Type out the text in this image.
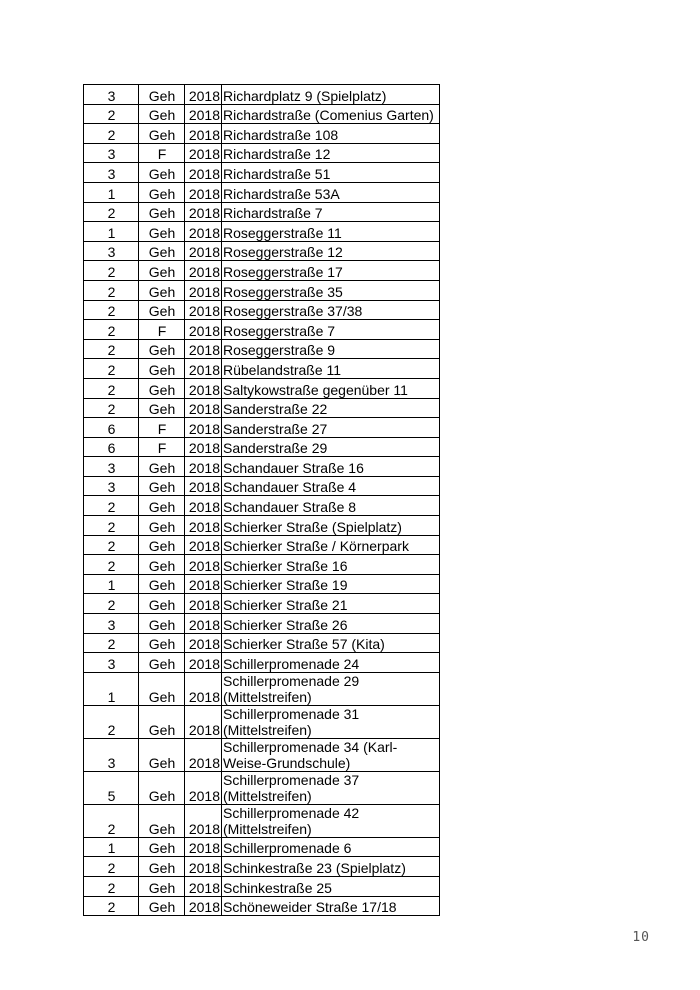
3	Geh	2018	Richardplatz 9 (Spielplatz)
2	Geh	2018	Richardstraße (Comenius Garten)
2	Geh	2018	Richardstraße 108
3	F	2018	Richardstraße 12
3	Geh	2018	Richardstraße 51
1	Geh	2018	Richardstraße 53A
2	Geh	2018	Richardstraße 7
1	Geh	2018	Roseggerstraße 11
3	Geh	2018	Roseggerstraße 12
2	Geh	2018	Roseggerstraße 17
2	Geh	2018	Roseggerstraße 35
2	Geh	2018	Roseggerstraße 37/38
2	F	2018	Roseggerstraße 7
2	Geh	2018	Roseggerstraße 9
2	Geh	2018	Rübelandstraße 11
2	Geh	2018	Saltykowstraße gegenüber 11
2	Geh	2018	Sanderstraße 22
6	F	2018	Sanderstraße 27
6	F	2018	Sanderstraße 29
3	Geh	2018	Schandauer Straße 16
3	Geh	2018	Schandauer Straße 4
2	Geh	2018	Schandauer Straße 8
2	Geh	2018	Schierker Straße (Spielplatz)
2	Geh	2018	Schierker Straße / Körnerpark
2	Geh	2018	Schierker Straße 16
1	Geh	2018	Schierker Straße 19
2	Geh	2018	Schierker Straße 21
3	Geh	2018	Schierker Straße 26
2	Geh	2018	Schierker Straße 57 (Kita)
3	Geh	2018	Schillerpromenade 24
1	Geh	2018	Schillerpromenade 29 (Mittelstreifen)
2	Geh	2018	Schillerpromenade 31 (Mittelstreifen)
3	Geh	2018	Schillerpromenade 34 (Karl-Weise-Grundschule)
5	Geh	2018	Schillerpromenade 37 (Mittelstreifen)
2	Geh	2018	Schillerpromenade 42 (Mittelstreifen)
1	Geh	2018	Schillerpromenade 6
2	Geh	2018	Schinkestraße 23 (Spielplatz)
2	Geh	2018	Schinkestraße 25
2	Geh	2018	Schöneweider Straße 17/18
10
